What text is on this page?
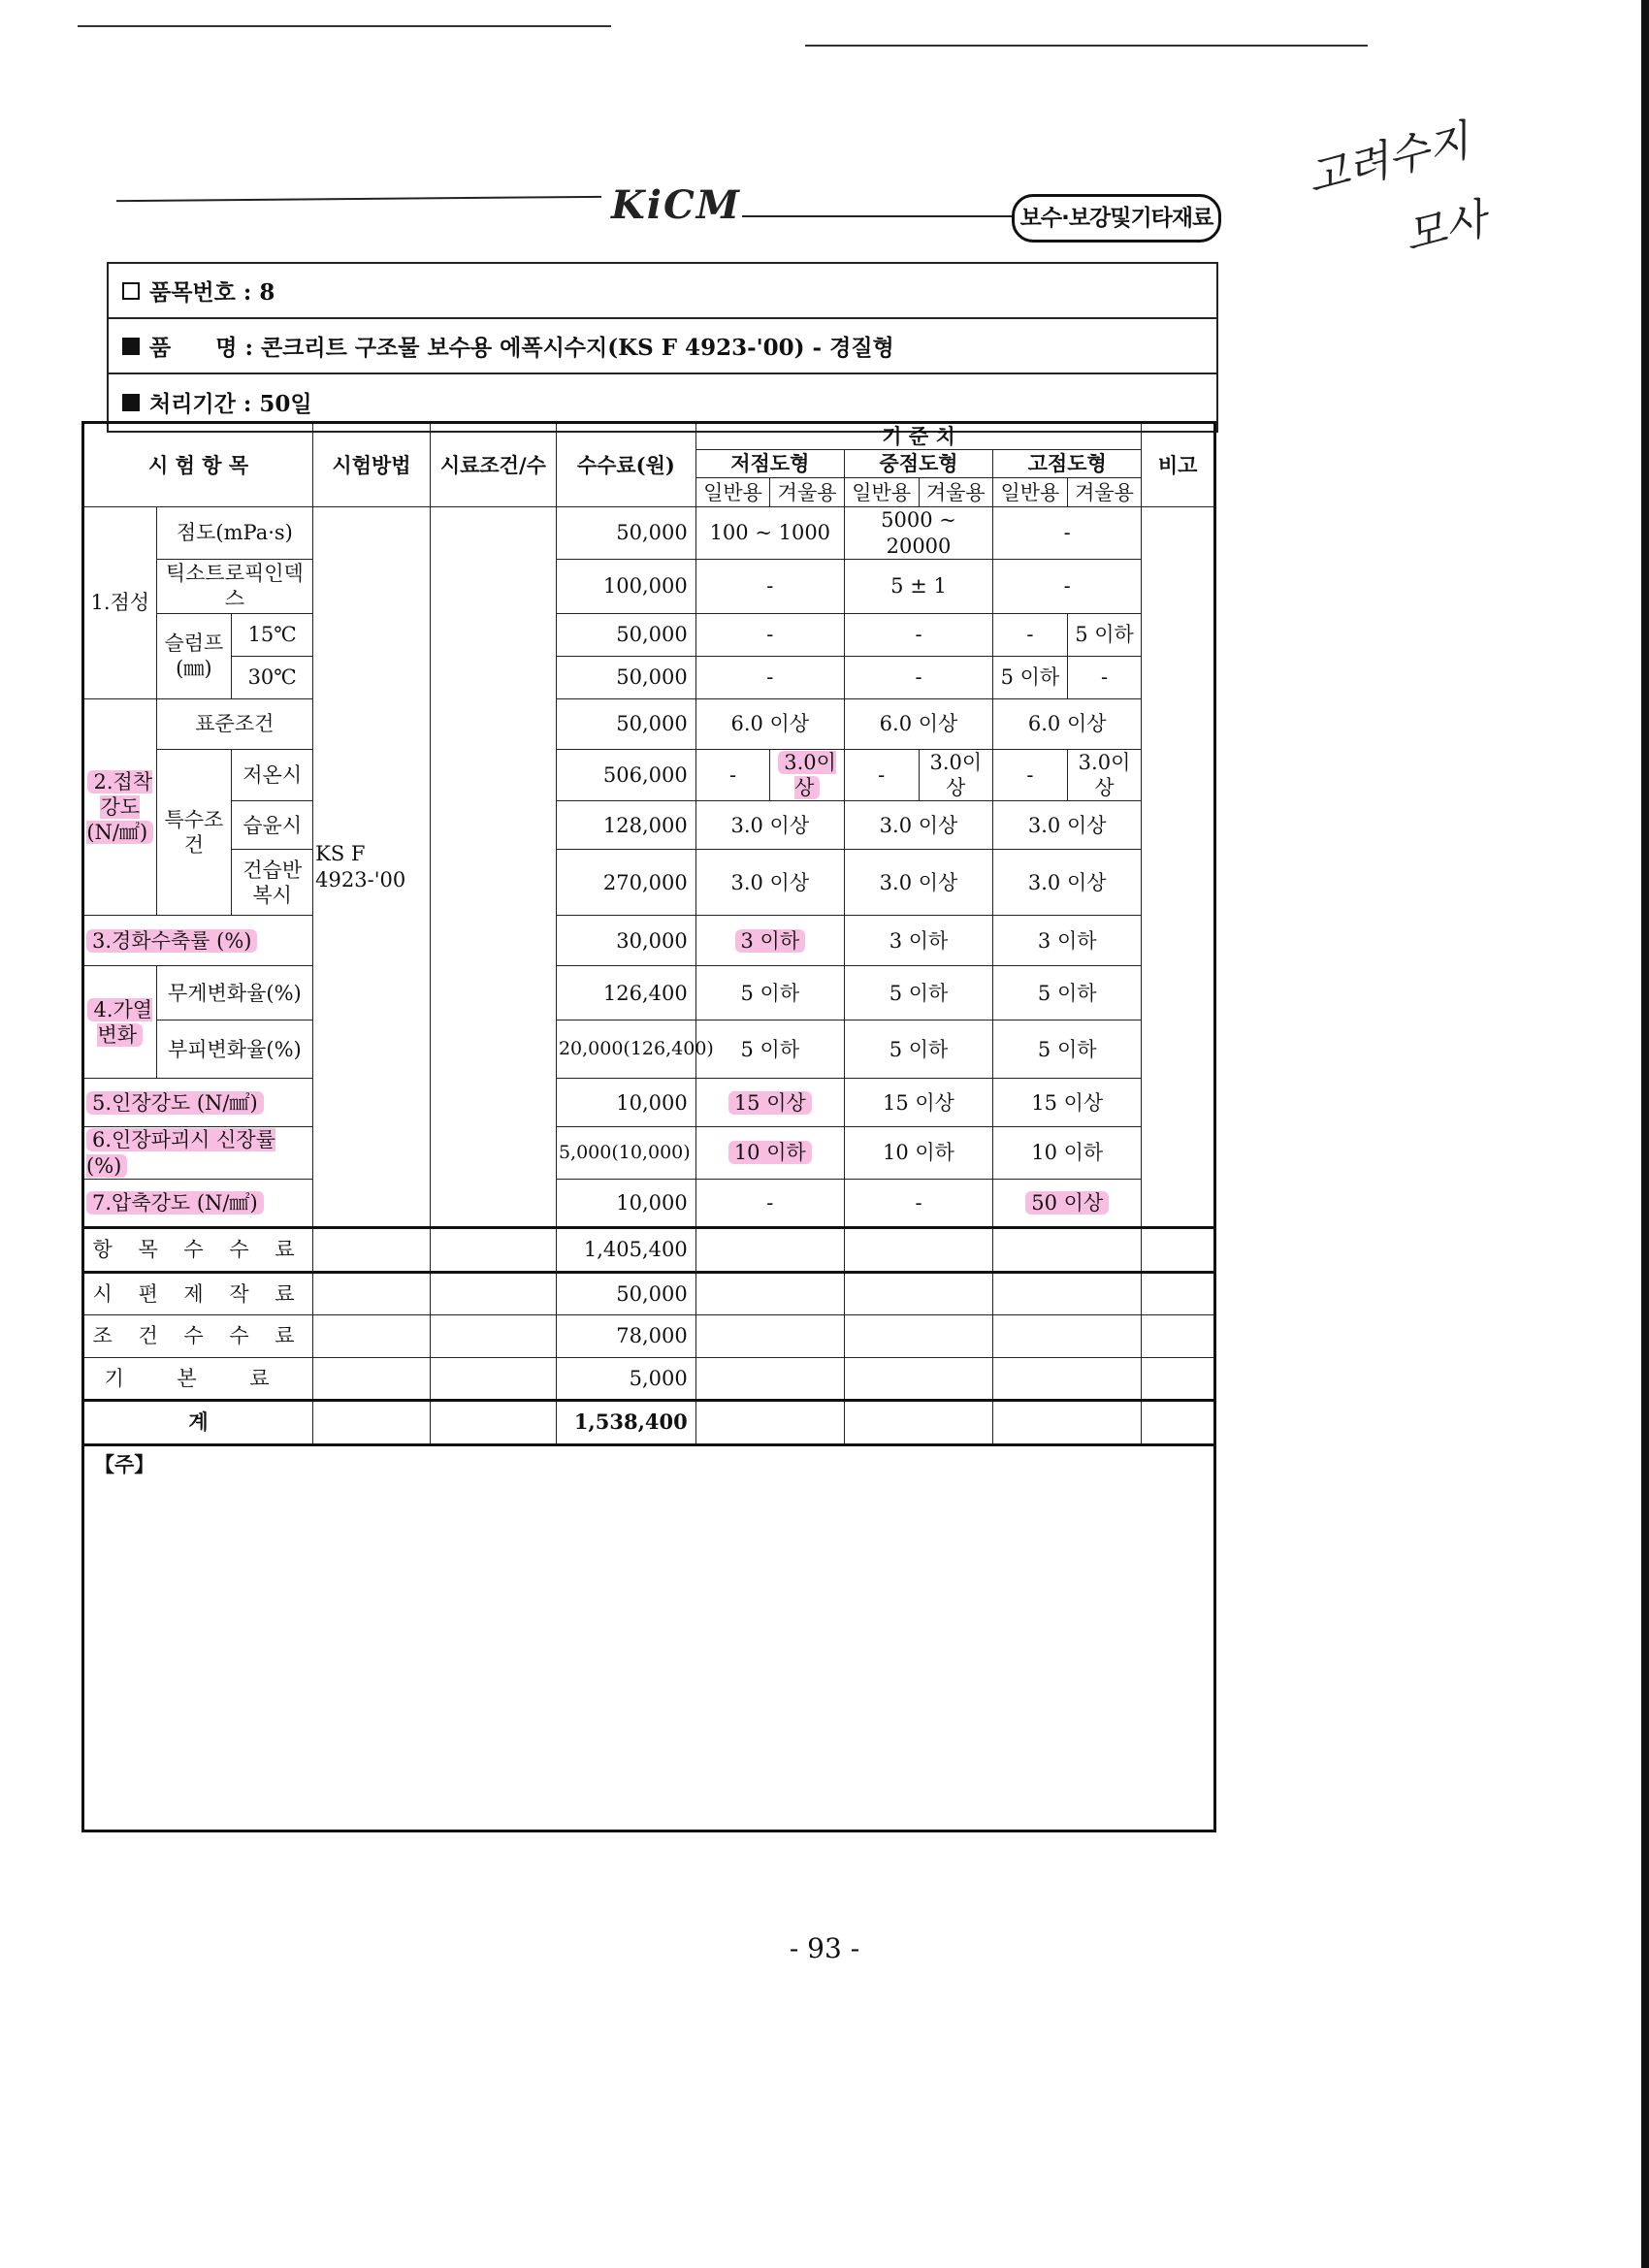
KiCM	보수·보강및기타재료
고려수지
모사
품목번호 : 8
품　　명 : 콘크리트 구조물 보수용 에폭시수지(KS F 4923-'00) - 경질형
처리기간 : 50일
시 험 항 목			시험방법	시료조건/수	수수료(원)	기 준 치						비고
						저점도형		중점도형		고점도형		
						일반용	겨울용	일반용	겨울용	일반용	겨울용	
1.점성	점도(mPa·s)		KS F 4923-'00		50,000	100 ~ 1000		5000 ~ 20000		-		
	틱소트로픽인덱스				100,000	-		5 ± 1		-		
	슬럼프(㎜)	15℃			50,000	-		-		-	5 이하	
		30℃			50,000	-		-		5 이하	-	
2.접착강도(N/㎟)	표준조건				50,000	6.0 이상		6.0 이상		6.0 이상		
	특수조건	저온시			506,000	-	3.0이상	-	3.0이상	-	3.0이상	
		습윤시			128,000	3.0 이상		3.0 이상		3.0 이상		
		건습반복시			270,000	3.0 이상		3.0 이상		3.0 이상		
3.경화수축률 (%)					30,000	3 이하		3 이하		3 이하		
4.가열변화	무게변화율(%)				126,400	5 이하		5 이하		5 이하		
	부피변화율(%)				20,000(126,400)	5 이하		5 이하		5 이하		
5.인장강도 (N/㎟)					10,000	15 이상		15 이상		15 이상		
6.인장파괴시 신장률(%)					5,000(10,000)	10 이하		10 이하		10 이하		
7.압축강도 (N/㎟)					10,000	-		-		50 이상		
항 목 수 수 료					1,405,400							
시 편 제 작 료					50,000							
조 건 수 수 료					78,000							
기 본 료					5,000							
계					1,538,400							
【주】												
- 93 -
